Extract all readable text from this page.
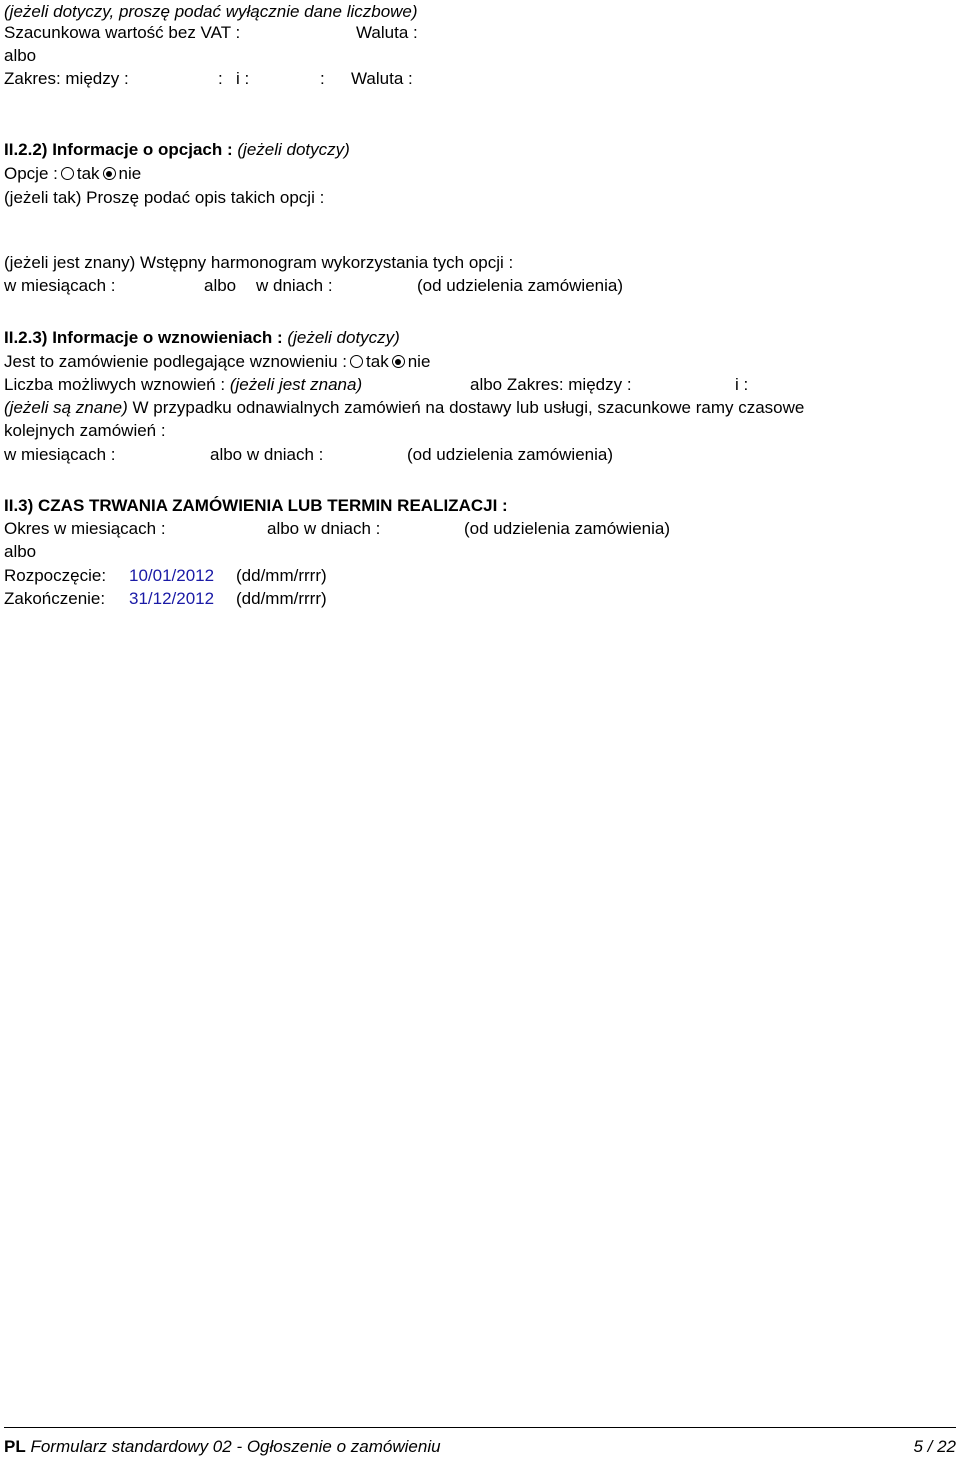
(jeżeli dotyczy, proszę podać wyłącznie dane liczbowe)
Szacunkowa wartość bez VAT :	Waluta :
albo
Zakres: między :	: i :	: Waluta :
II.2.2) Informacje o opcjach : (jeżeli dotyczy)
Opcje : tak nie
(jeżeli tak) Proszę podać opis takich opcji :
(jeżeli jest znany) Wstępny harmonogram wykorzystania tych opcji :
w miesiącach :	albo w dniach :	(od udzielenia zamówienia)
II.2.3) Informacje o wznowieniach : (jeżeli dotyczy)
Jest to zamówienie podlegające wznowieniu : tak nie
Liczba możliwych wznowień : (jeżeli jest znana)	albo Zakres: między :	i :
(jeżeli są znane) W przypadku odnawialnych zamówień na dostawy lub usługi, szacunkowe ramy czasowe
kolejnych zamówień :
w miesiącach :	albo w dniach :	(od udzielenia zamówienia)
II.3) CZAS TRWANIA ZAMÓWIENIA LUB TERMIN REALIZACJI :
Okres w miesiącach :	albo w dniach :	(od udzielenia zamówienia)
albo
Rozpoczęcie: 10/01/2012 (dd/mm/rrrr)
Zakończenie: 31/12/2012 (dd/mm/rrrr)
PL Formularz standardowy 02 - Ogłoszenie o zamówieniu	5 / 22
